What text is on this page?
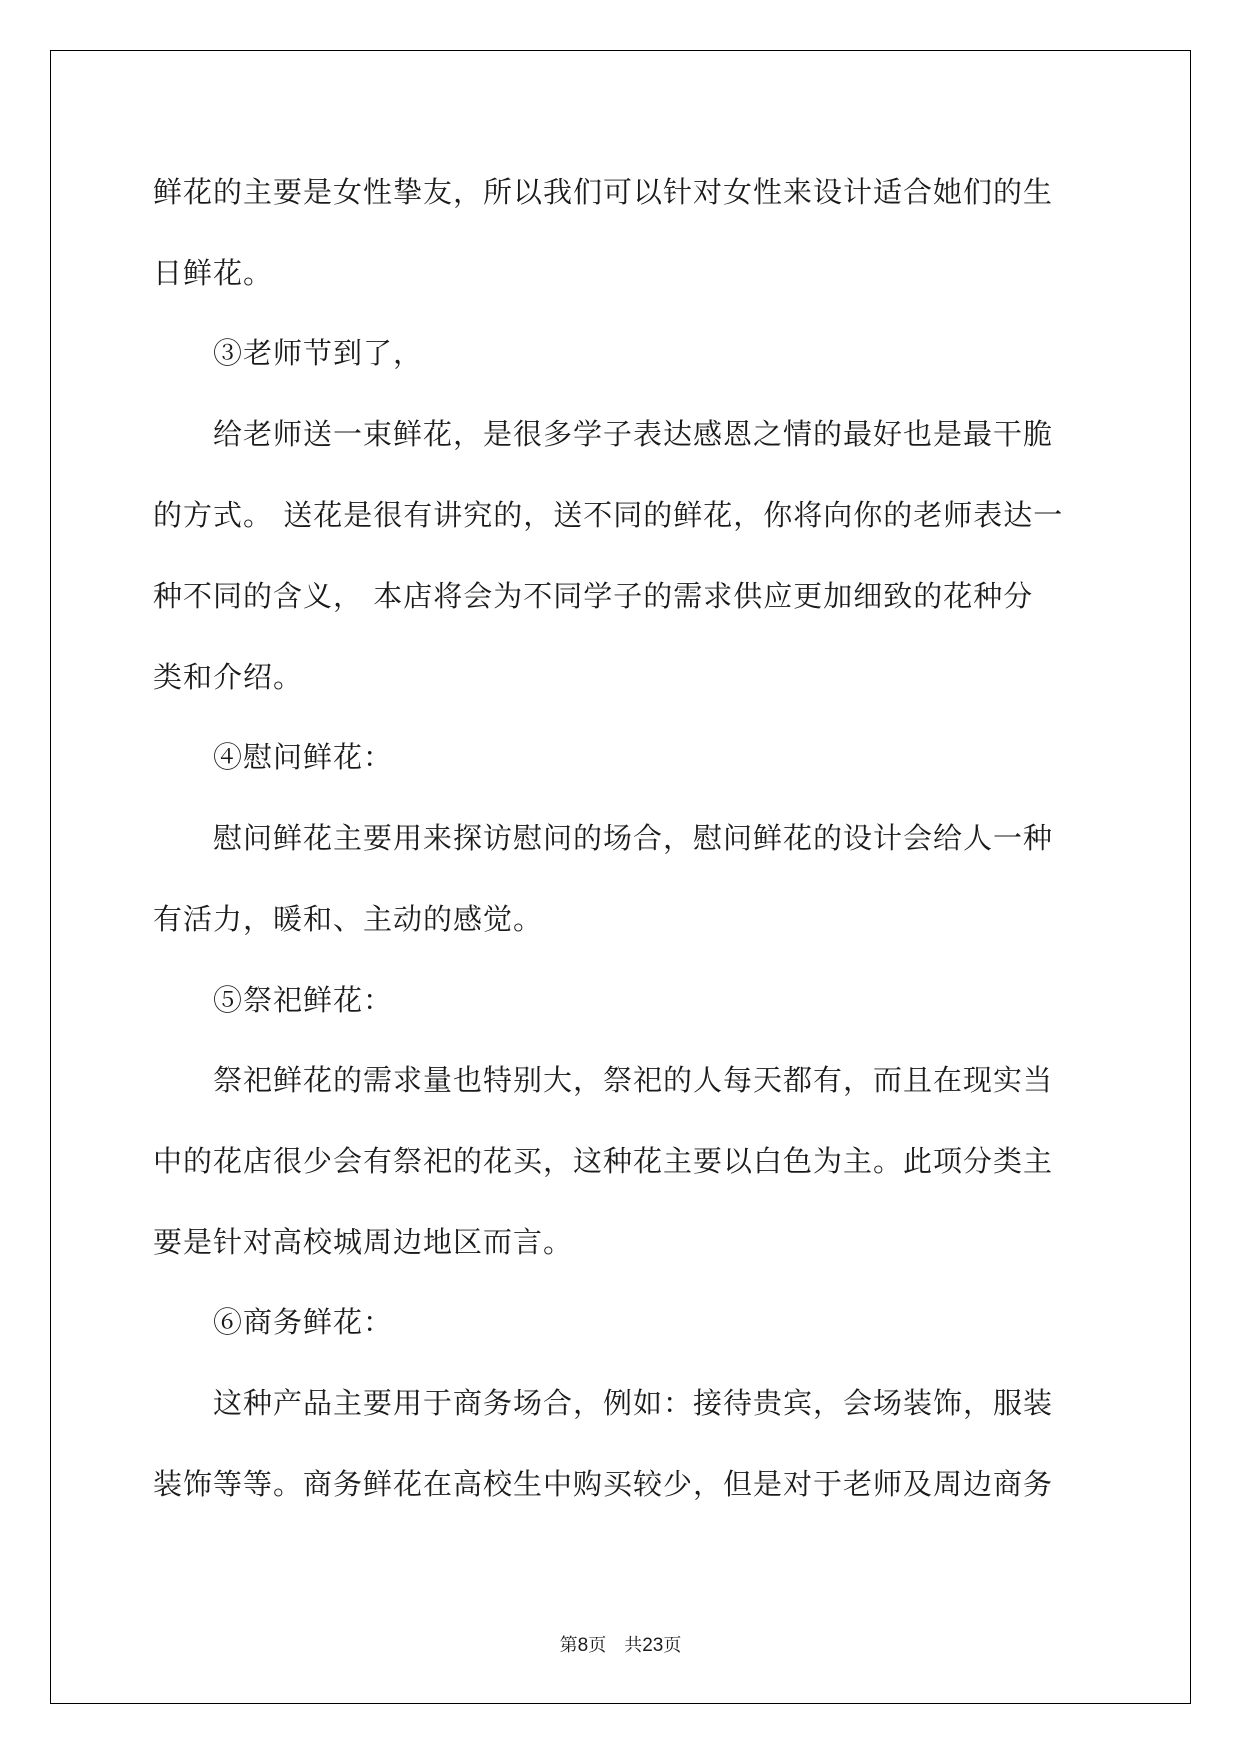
鲜花的主要是女性挚友，所以我们可以针对女性来设计适合她们的生
日鲜花。
③老师节到了，
给老师送一束鲜花，是很多学子表达感恩之情的最好也是最干脆
的方式。 送花是很有讲究的，送不同的鲜花，你将向你的老师表达一
种不同的含义， 本店将会为不同学子的需求供应更加细致的花种分
类和介绍。
④慰问鲜花：
慰问鲜花主要用来探访慰问的场合，慰问鲜花的设计会给人一种
有活力，暖和、主动的感觉。
⑤祭祀鲜花：
祭祀鲜花的需求量也特别大，祭祀的人每天都有，而且在现实当
中的花店很少会有祭祀的花买，这种花主要以白色为主。此项分类主
要是针对高校城周边地区而言。
⑥商务鲜花：
这种产品主要用于商务场合，例如：接待贵宾，会场装饰，服装
装饰等等。商务鲜花在高校生中购买较少，但是对于老师及周边商务
第8页 共23页
